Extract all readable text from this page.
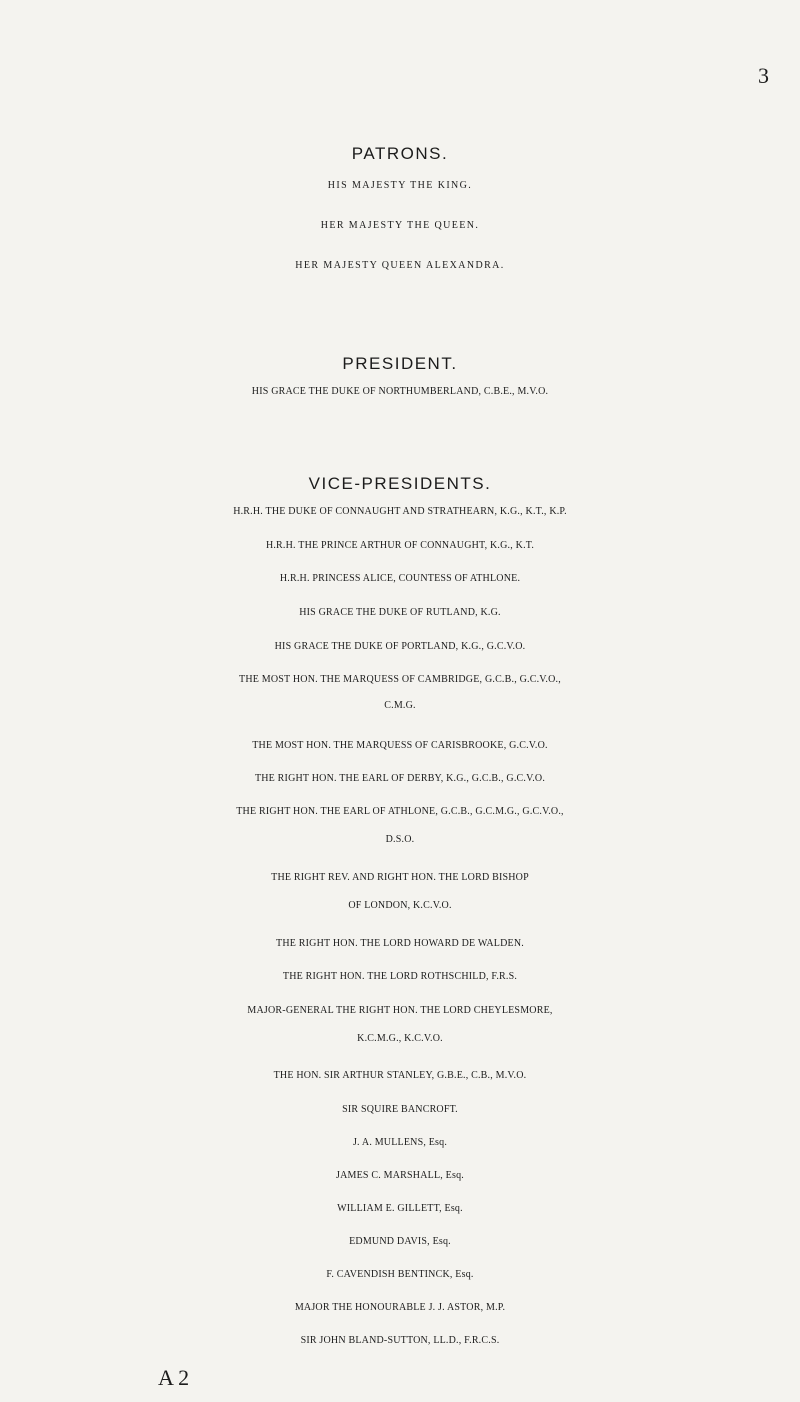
3
PATRONS.
HIS MAJESTY THE KING.
HER MAJESTY THE QUEEN.
HER MAJESTY QUEEN ALEXANDRA.
PRESIDENT.
HIS GRACE THE DUKE OF NORTHUMBERLAND, C.B.E., M.V.O.
VICE-PRESIDENTS.
H.R.H. THE DUKE OF CONNAUGHT AND STRATHEARN, K.G., K.T., K.P.
H.R.H. THE PRINCE ARTHUR OF CONNAUGHT, K.G., K.T.
H.R.H. PRINCESS ALICE, COUNTESS OF ATHLONE.
HIS GRACE THE DUKE OF RUTLAND, K.G.
HIS GRACE THE DUKE OF PORTLAND, K.G., G.C.V.O.
THE MOST HON. THE MARQUESS OF CAMBRIDGE, G.C.B., G.C.V.O.,
C.M.G.
THE MOST HON. THE MARQUESS OF CARISBROOKE, G.C.V.O.
THE RIGHT HON. THE EARL OF DERBY, K.G., G.C.B., G.C.V.O.
THE RIGHT HON. THE EARL OF ATHLONE, G.C.B., G.C.M.G., G.C.V.O.,
D.S.O.
THE RIGHT REV. AND RIGHT HON. THE LORD BISHOP
OF LONDON, K.C.V.O.
THE RIGHT HON. THE LORD HOWARD DE WALDEN.
THE RIGHT HON. THE LORD ROTHSCHILD, F.R.S.
MAJOR-GENERAL THE RIGHT HON. THE LORD CHEYLESMORE,
K.C.M.G., K.C.V.O.
THE HON. SIR ARTHUR STANLEY, G.B.E., C.B., M.V.O.
SIR SQUIRE BANCROFT.
J. A. MULLENS, Esq.
JAMES C. MARSHALL, Esq.
WILLIAM E. GILLETT, Esq.
EDMUND DAVIS, Esq.
F. CAVENDISH BENTINCK, Esq.
MAJOR THE HONOURABLE J. J. ASTOR, M.P.
SIR JOHN BLAND-SUTTON, LL.D., F.R.C.S.
A 2
